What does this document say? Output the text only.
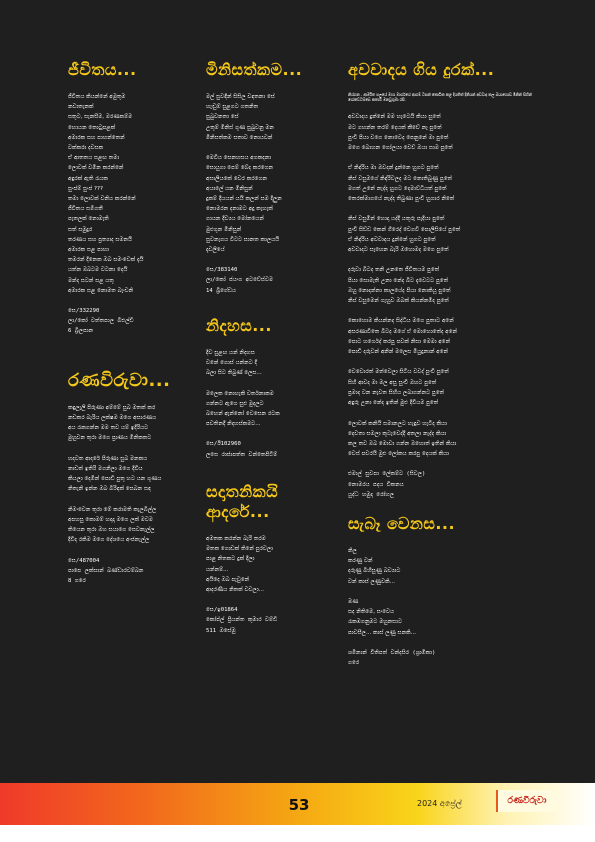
ජීවිතය...
ජීවිතය කියන්නේ අමුතුම
නවාතැනක්
සතුට, සැනසීම, මරණකම්ම
හොයන තොටුපළක්
අමාරක සහ පාහන්තෙන්
වක්කරා දවසක
ඒ ආතතය සළඟ තමා
ලොවක් වමින කරන්නේ
අඳුරක් ඇති රැයක
සුංජම් සුංජ ???
තමා ලොවක් වනිය කරන්නේ
ජීවිතය සමීගතී
පැතලක් නොමැති
සත් සමුදුර
තරණය සහ ප්‍රත්‍යාද සමනයි
අමාරක සළ පාහා
තමරන් දිනෙක ඔබ සමංවෙක් දැයි
යත්න ඔබටම වටනා දෙයි
මන්ද සටන් සළ යතු
අමාරක සළ නොමත බැංචනි
සෙ/332290
ලා/කෝ වත්තපාල බිඑල්ඩී
6 බ්‍රිලපාන
රණවිරුවා...
කඳුලැලි පිරුණා අම්මේ සුබ මතක් කර
නඩකර බැරිය ලක්ෂම මගෙ අසාරණය
අය රැකගන්න මම තව යම් ඉදිරියට
මුහුවන තුරා මගෙ ප්‍රාණය මිනිකතට

හදවත ආදරේ පිරුණා සුබ මනකය
නාඩත් ඉතිරි මගනිලා මගෙ දිවිය
කියලා දෙමින් පොඩි පුතු හට යන ගුණය
නිතැනි ඉන්න ඔබ බිරිඳක් සෙබන සඳ

නිමංවෙන තුරා මේ කරාමති කැලබිල්ල
අපහසු කොමම් හදාදා මගෙ ලක් මවම
තියෙන තුරා ඔහ සයාගෙ සෙවනැල්ල
දිවිද රකිම මගෙ දේශයෙ අංජනැල්ල
සෙ/487004
පාපෙ ලක්සාන් බණ්ඩාරවම්බන
8 ගරෙ
මිනිසත්කම...
මල් සුවඳින් සිසිල වඳතනා සේ
හැඬුම් සුළගට ගතනිත
සුඛුවනතා සේ
උතුම් මිනිස් ගුණ සුඛුවනු මන
මිනිසත්කම සතාව නොයවන්

මෙවිය සෙනහසය අගකදනා
සොයුගා පෙම් බේද කරගෙන
අසාලියකේ වෙර කරගෙන
අයාලේ යන මිනිසුන්
දුකම් දීයයන් යයි කලන් සම දිලුන
නොමරන දනාමට අදු කැහැක්
ගායන දිව්‍යය මෝනයෙන්
මුළුගුන මිනිසුන්
සුවනැගය විටට සානත කාලයයි
දැවලියේ
සෙ/383140
ලා/කෝ ජයංග අටවේස්වම
14 බ්‍රිගේඩය
නිදහස...
දිව සුළඟ යන් නිදහස
වනේ ගොස් යන්නට දී
බලා සිට තිබුණ් ලෙස...

මලෙක නොහැකි වර්තනාකම
ගන්නට ඇගෙ සුළු මුදලට
බහෙන් ඇන්නෝ වෙසෙන රටක
පවතිනදී නිදහස්කමට...
සෙ/ඊ102960
ලසෙ රාජාපත්ත වන්තෙපිටිම්
සදාතනිකයි
ආදරේ...
අමතක කරන්න බැරි තරම
මතක ගොඩක් තිනේ පුරවලා
පාළ නිතකට දුක් දීලා
යන්නම්...
අයිදෙ ඔබ පැවුනේ
ආදරණීය නිතක් වවලා...
සෙ/ඉ01864
කෝප්ල් ප්‍රියන්ත කුමාර වම්ඩී
511 ඔසේමු
අවවාදය ගිය දුරක්...
නිශ්ගන - ආර්මිත පලයේ මහා මාර්ගයේ ආගම් ටසක් කොටික කළ දියතිත් දිනියන් අවවාද කල ඔයාගොඩ මිනින් සිහින් ශෝවේටම්බේ කතාවී මනවුගුමා රසී.
අවවාදය දුන්නේ මම හැටෙයි කියා සුතේ
මට ගහන්න තරම් දෙයක් කීවේ නෑ පුතේ
පුංචි පියා වගෙ නොවෙද පෙනුනේ මා පුතේ
මගෙ බොහන ගෝලයා වෙව් ඔයා සාම පුතේ

ඒ නිඳ්රිය මා ඔවදන් දුන්නෙ හුගට පුතේ
නිස් වසුමගේ නිඳ්රිවලද මට නොතිබුණු පුතේ
මගත් උනේ නැද්ද හුගට දෙමාව්ධියත් පුතේ
තෙරක්මාගයේ නැද්ද තිබුණා පුංචි හුගාර නිතේ

නිස් වසුමින් හොදා යද්දි යතුරු පැදියා පුතේ
පුංචි සිඩ්ඩ කෙන් ගිරෙද් චෙගවී පොලිසියේ පුතේ
ඒ නිඳ්රිය අවවාදය දුන්නේ හුගට පුතේ
අවවාදට සෑහෙන බැරි ඔහොමද මගෙ පුතේ

දරුවා බිටද තනි උනතෙ ජීවිතයම පුතේ
පියා සොමැති උනා නේද බිට දැවෙටට පුතේ
ඔහු නොදන්නා කාලයේද පියා නොකියූ පුතේ
නිස් වසුමෙන් ගැහුව ඔබක් කියන්නමිද පුතේ

කොහොම කියන්නද සිද්ධිය මගෙ පුතාට අනේ
අසරණාවිතෙ බිටද මගේ ඒ මොහොතේද අනේ
පොට හර්ගෙද් කරපු පවක් නිසා මෙමා අනේ
පොඩි දරුවන් අනින් මලෙස මියුදුනාන් අනේ

වෙවොරත් මත්වෙලා සිටිය වවද් පුංචි පුතේ
සිහි ආවද මා මල අසු සුංචි ඔහට පුතේ
ප්‍රමාද වන නැවත සිහිය ලබාගන්නට පුතේ
අඳුරු උනා නේද ඉතින් මුළු දිවියම පුතේ

ලොවක් කනියි සමානලට හැඳුව හැටිද කියා
දෙවතා සමලා කුටැවෙද්දි අතලා නැද්ද කියා
කල තව ඔබ මොවා ගන්න ඔහොත් ඉතින් කියා
වෙස් පවරයි මුළු ලෝකය කරපු දෙයක් කියා
එමාල් සුවපා ලේකම්ට (සිවල)
නොමරය පදය විකනය
යුද්ධ හමුදා රෝහල
සැබෑ වෙනස...
නිල
කරණු වන්
දරුණු බිහිසුණු බව්‍යාට
වන් කාස් ලණුවකි...

ඹණ
සද නිතිමෙ, සංවෙය
රැකඹගනුමට මහුනසාට
පාවසීල... කාස් ලණු සනකි...
ශමිනාන් විතිපත් වන්දසිර (ශ්‍රාමිකා)
ගරෙ
53	2024 අප්‍රේල්	රණවිරුවා
